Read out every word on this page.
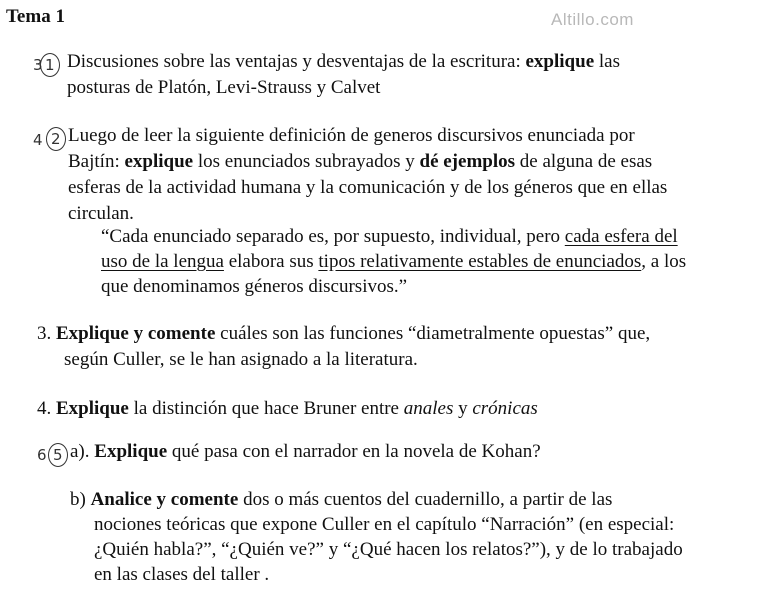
Tema 1	Altillo.com
3 1 Discusiones sobre las ventajas y desventajas de la escritura: explique las
posturas de Platón, Levi-Strauss y Calvet
4 2 Luego de leer la siguiente definición de generos discursivos enunciada por
Bajtín: explique los enunciados subrayados y dé ejemplos de alguna de esas
esferas de la actividad humana y la comunicación y de los géneros que en ellas
circulan.
“Cada enunciado separado es, por supuesto, individual, pero cada esfera del
uso de la lengua elabora sus tipos relativamente estables de enunciados, a los
que denominamos géneros discursivos.”
3. Explique y comente cuáles son las funciones “diametralmente opuestas” que,
según Culler, se le han asignado a la literatura.
4. Explique la distinción que hace Bruner entre anales y crónicas
6 5 a). Explique qué pasa con el narrador en la novela de Kohan?
b) Analice y comente dos o más cuentos del cuadernillo, a partir de las
nociones teóricas que expone Culler en el capítulo “Narración” (en especial:
¿Quién habla?”, “¿Quién ve?” y “¿Qué hacen los relatos?”), y de lo trabajado
en las clases del taller .
